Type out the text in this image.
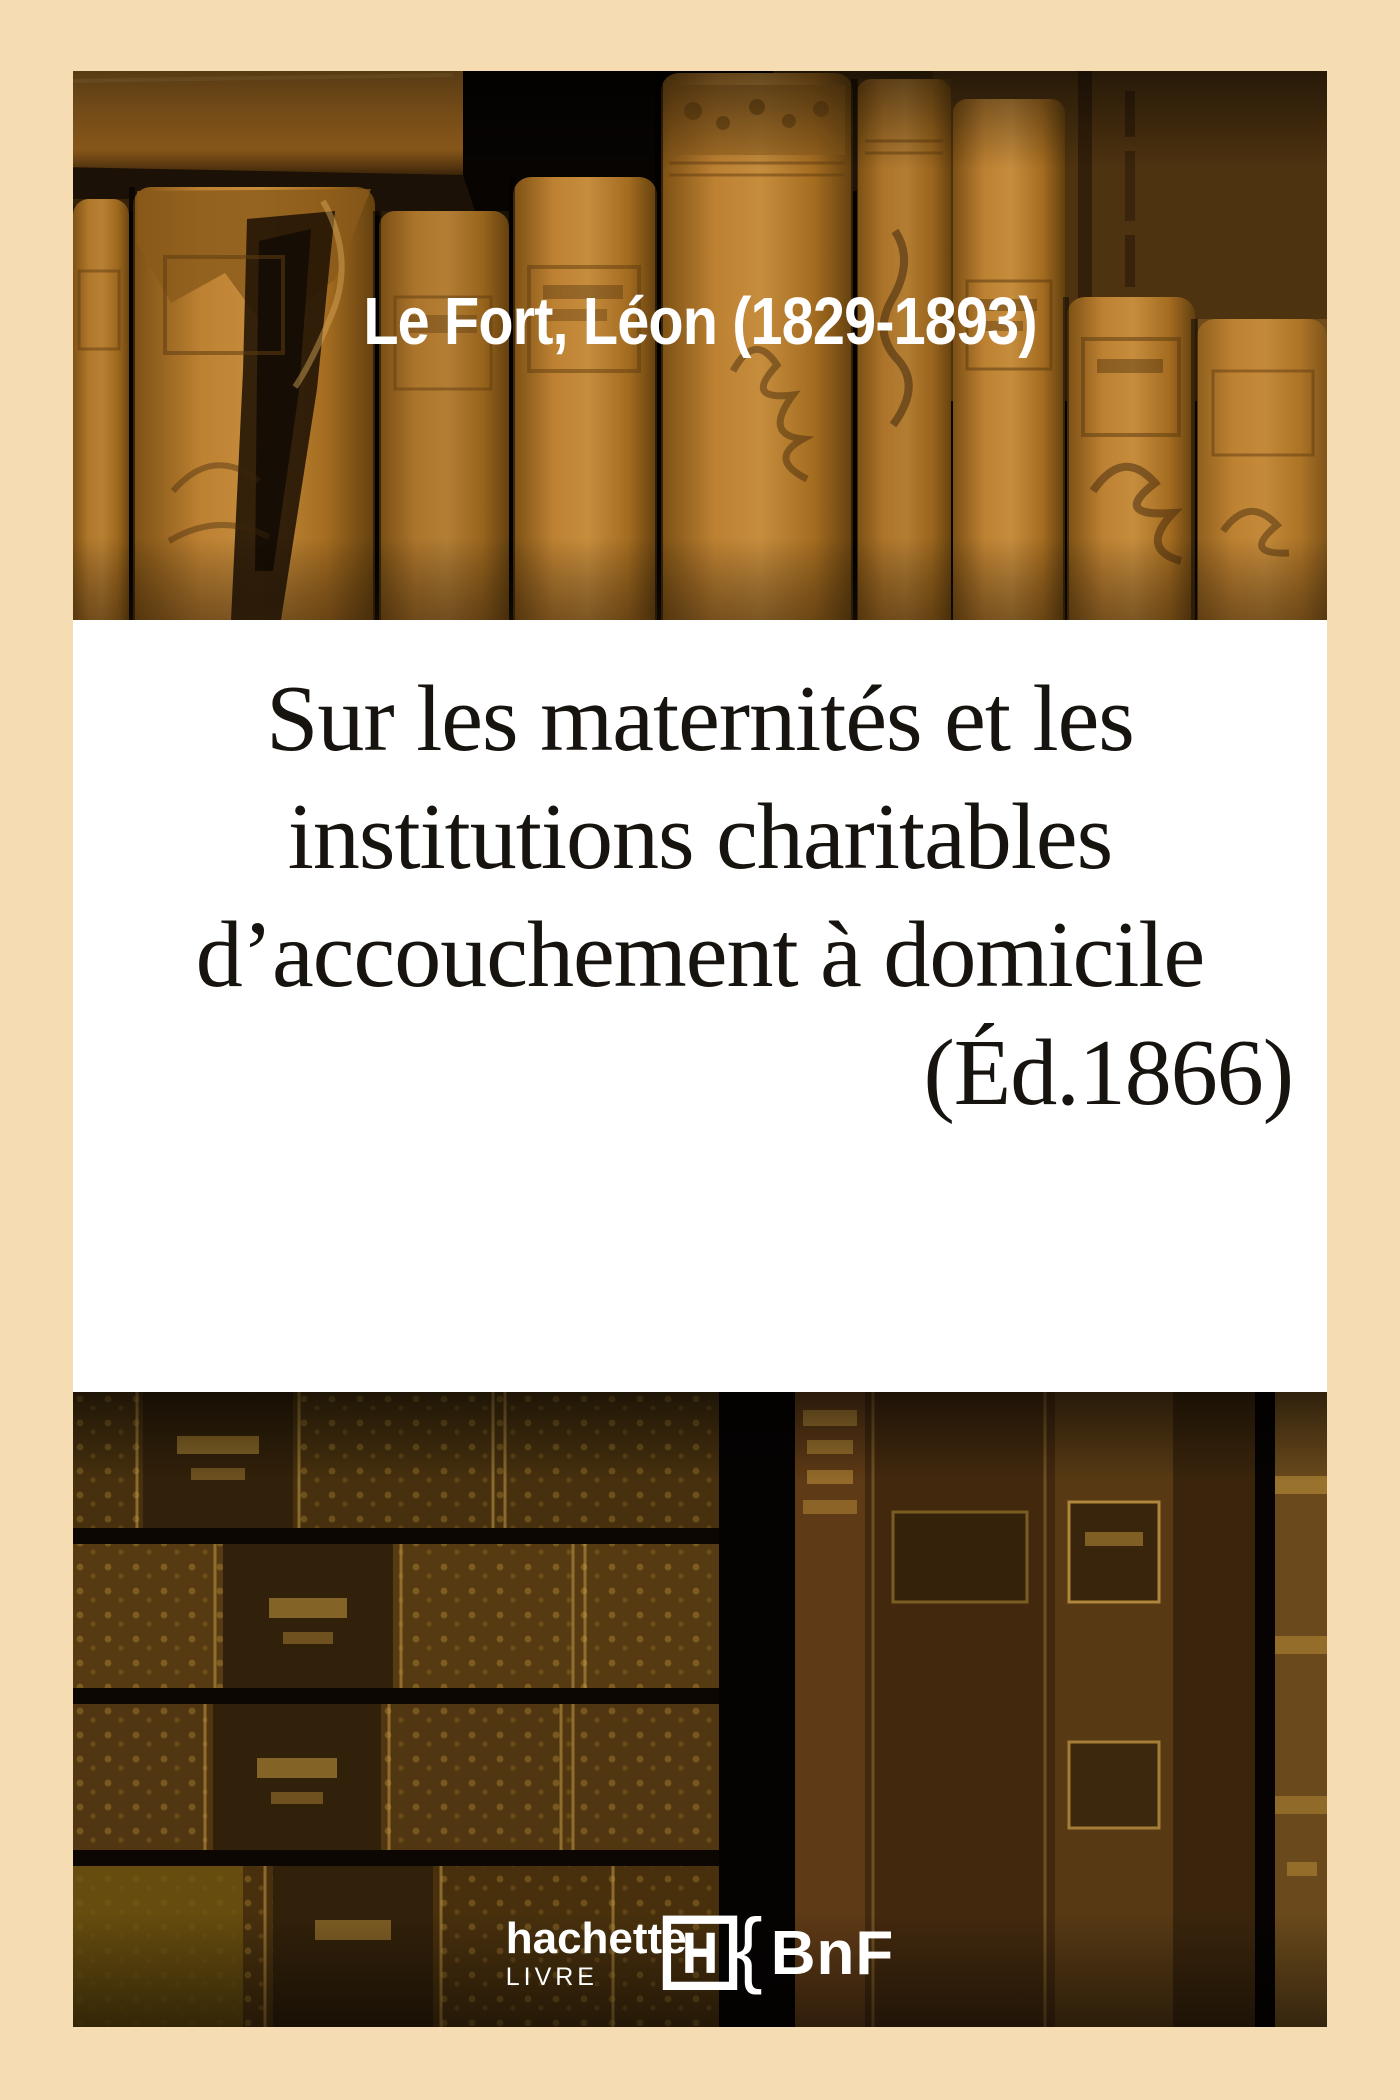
Le Fort, Léon (1829-1893)
Sur les maternités et les
institutions charitables
d’accouchement à domicile
(Éd.1866)
hachette
LIVRE { BnF
